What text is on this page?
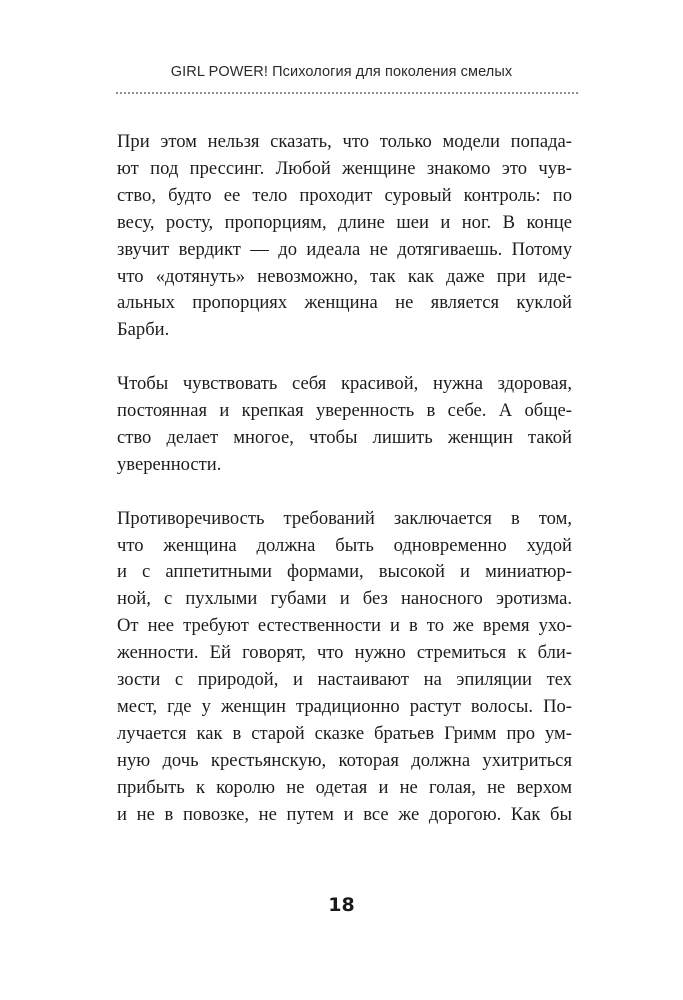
GIRL POWER! Психология для поколения смелых

При этом нельзя сказать, что только модели попада-
ют под прессинг. Любой женщине знакомо это чув-
ство, будто ее тело проходит суровый контроль: по
весу, росту, пропорциям, длине шеи и ног. В конце
звучит вердикт — до идеала не дотягиваешь. Потому
что «дотянуть» невозможно, так как даже при иде-
альных пропорциях женщина не является куклой
Барби.

Чтобы чувствовать себя красивой, нужна здоровая,
постоянная и крепкая уверенность в себе. А обще-
ство делает многое, чтобы лишить женщин такой
уверенности.

Противоречивость требований заключается в том,
что женщина должна быть одновременно худой
и с аппетитными формами, высокой и миниатюр-
ной, с пухлыми губами и без наносного эротизма.
От нее требуют естественности и в то же время ухо-
женности. Ей говорят, что нужно стремиться к бли-
зости с природой, и настаивают на эпиляции тех
мест, где у женщин традиционно растут волосы. По-
лучается как в старой сказке братьев Гримм про ум-
ную дочь крестьянскую, которая должна ухитриться
прибыть к королю не одетая и не голая, не верхом
и не в повозке, не путем и все же дорогою. Как бы

18
